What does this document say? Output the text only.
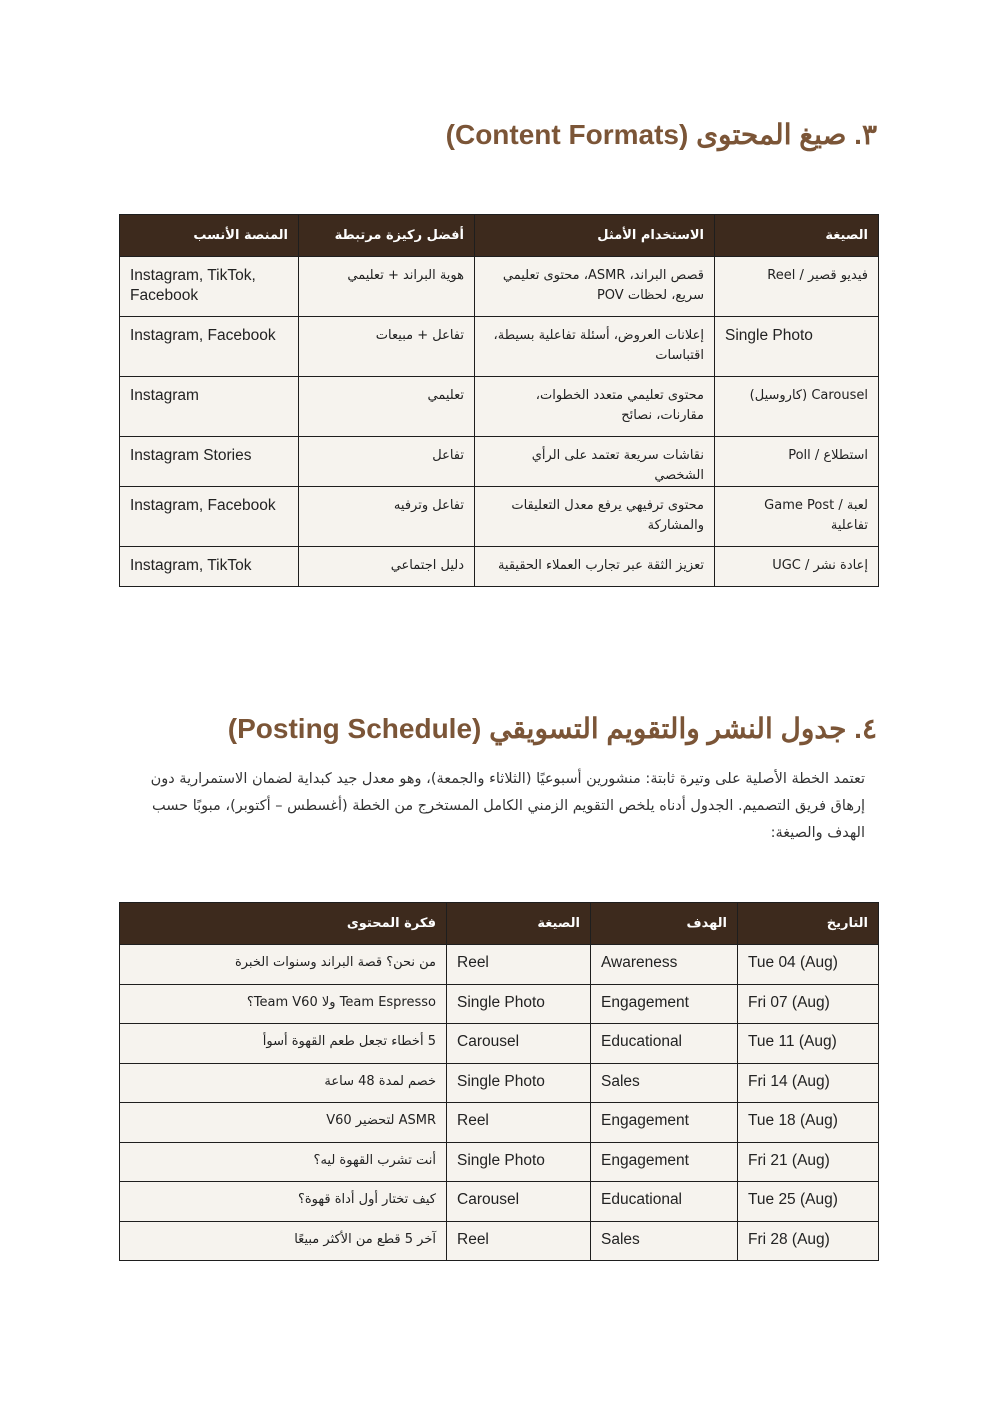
٣. صيغ المحتوى (Content Formats)
المنصة الأنسب	أفضل ركيزة مرتبطة	الاستخدام الأمثل	الصيغة
Instagram, TikTok, Facebook	هوية البراند + تعليمي	قصص البراند، ASMR، محتوى تعليمي سريع، لحظات POV	فيديو قصير / Reel
Instagram, Facebook	تفاعل + مبيعات	إعلانات العروض، أسئلة تفاعلية بسيطة، اقتباسات	Single Photo
Instagram	تعليمي	محتوى تعليمي متعدد الخطوات، مقارنات، نصائح	Carousel (كاروسيل)
Instagram Stories	تفاعل	نقاشات سريعة تعتمد على الرأي الشخصي	استطلاع / Poll
Instagram, Facebook	تفاعل وترفيه	محتوى ترفيهي يرفع معدل التعليقات والمشاركة	لعبة / Game Post تفاعلية
Instagram, TikTok	دليل اجتماعي	تعزيز الثقة عبر تجارب العملاء الحقيقية	إعادة نشر / UGC
٤. جدول النشر والتقويم التسويقي (Posting Schedule)

تعتمد الخطة الأصلية على وتيرة ثابتة: منشورين أسبوعيًا (الثلاثاء والجمعة)، وهو معدل جيد كبداية لضمان الاستمرارية دون إرهاق فريق التصميم. الجدول أدناه يلخص التقويم الزمني الكامل المستخرج من الخطة (أغسطس – أكتوبر)، مبوبًا حسب الهدف والصيغة:

فكرة المحتوى	الصيغة	الهدف	التاريخ
من نحن؟ قصة البراند وسنوات الخبرة	Reel	Awareness	Tue 04 (Aug)
Team Espresso ولا Team V60؟	Single Photo	Engagement	Fri 07 (Aug)
5 أخطاء تجعل طعم القهوة أسوأ	Carousel	Educational	Tue 11 (Aug)
خصم لمدة 48 ساعة	Single Photo	Sales	Fri 14 (Aug)
ASMR لتحضير V60	Reel	Engagement	Tue 18 (Aug)
أنت تشرب القهوة ليه؟	Single Photo	Engagement	Fri 21 (Aug)
كيف تختار أول أداة قهوة؟	Carousel	Educational	Tue 25 (Aug)
آخر 5 قطع من الأكثر مبيعًا	Reel	Sales	Fri 28 (Aug)
